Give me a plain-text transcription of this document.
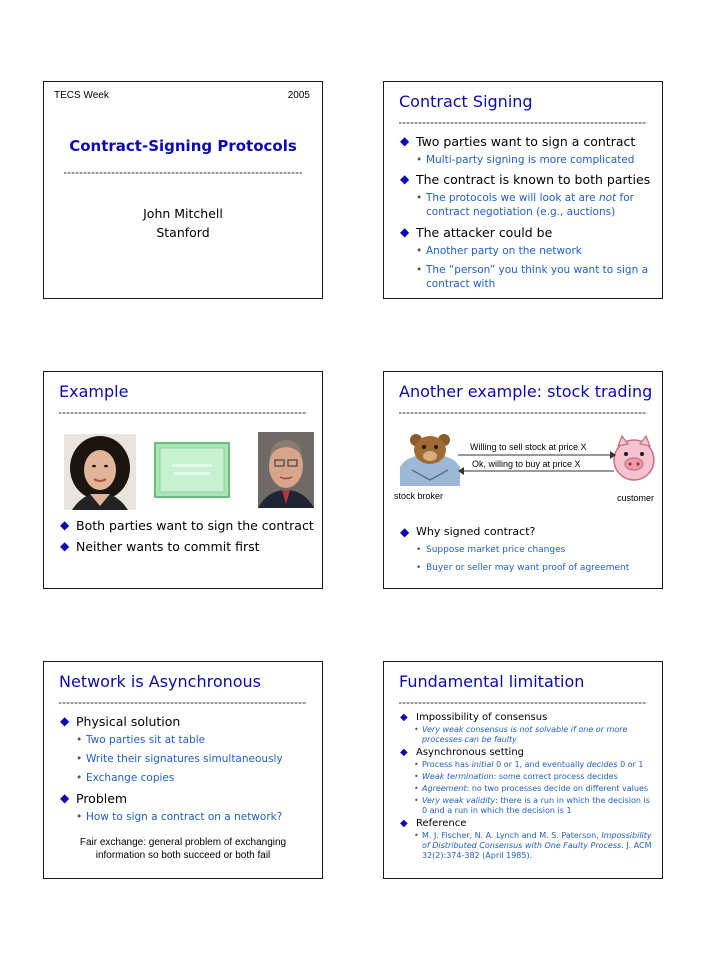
TECS Week	2005
Contract-Signing Protocols
John Mitchell
Stanford
Contract Signing
◆ Two parties want to sign a contract
• Multi-party signing is more complicated
◆ The contract is known to both parties
• The protocols we will look at are not for contract negotiation (e.g., auctions)
◆ The attacker could be
• Another party on the network
• The “person” you think you want to sign a contract with
Example
◆ Both parties want to sign the contract
◆ Neither wants to commit first
Another example: stock trading
Willing to sell stock at price X
Ok, willing to buy at price X
stock broker	customer
◆ Why signed contract?
• Suppose market price changes
• Buyer or seller may want proof of agreement
Network is Asynchronous
◆ Physical solution
• Two parties sit at table
• Write their signatures simultaneously
• Exchange copies
◆ Problem
• How to sign a contract on a network?
Fair exchange: general problem of exchanging information so both succeed or both fail
Fundamental limitation
◆ Impossibility of consensus
• Very weak consensus is not solvable if one or more processes can be faulty
◆ Asynchronous setting
• Process has initial 0 or 1, and eventually decides 0 or 1
• Weak termination: some correct process decides
• Agreement: no two processes decide on different values
• Very weak validity: there is a run in which the decision is 0 and a run in which the decision is 1
◆ Reference
• M. J. Fischer, N. A. Lynch and M. S. Paterson, Impossibility of Distributed Consensus with One Faulty Process. J. ACM 32(2):374-382 (April 1985).
